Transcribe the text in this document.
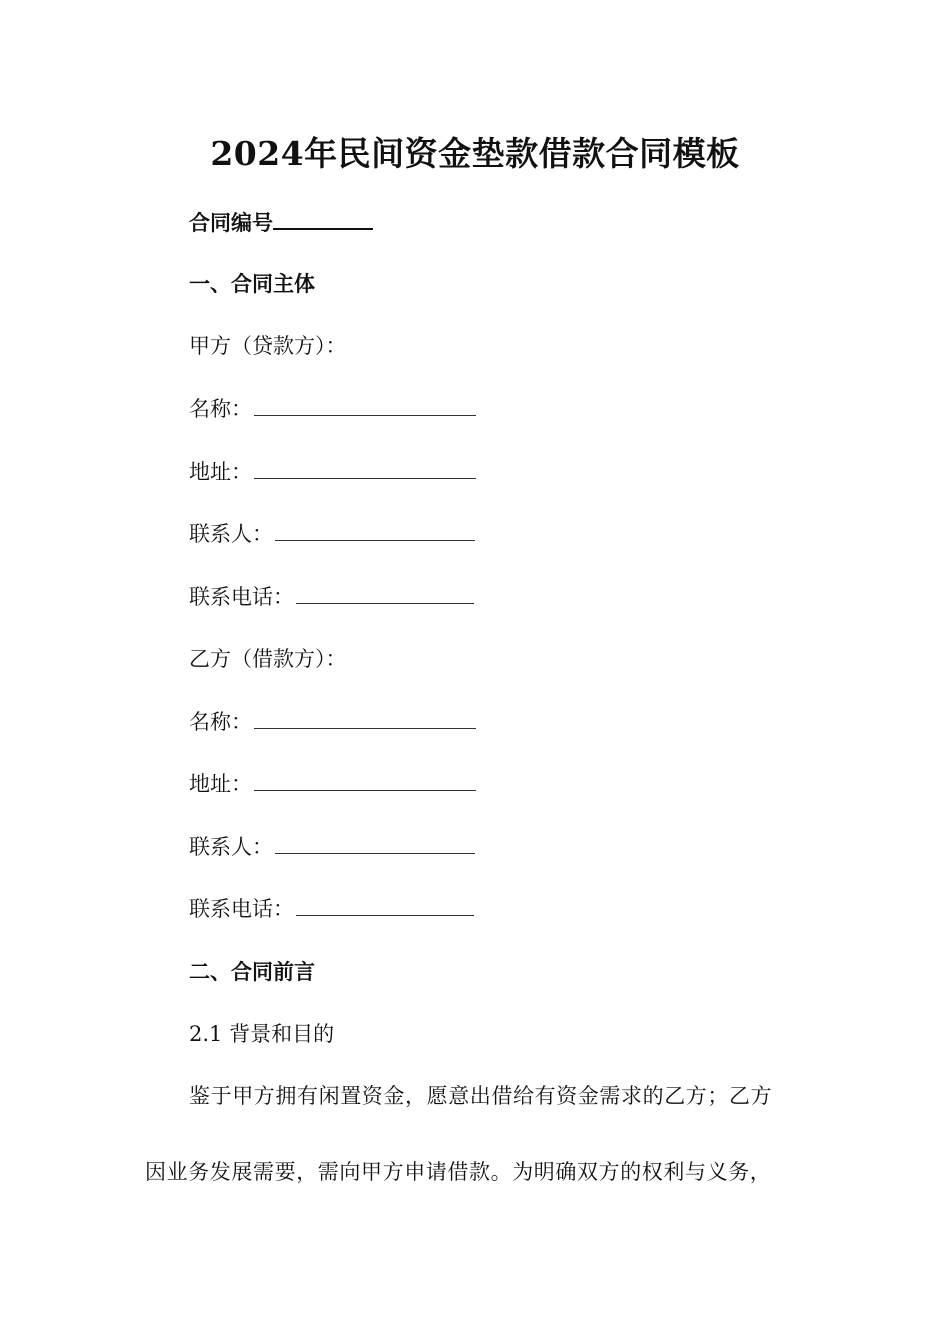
2024年民间资金垫款借款合同模板
合同编号
一、合同主体
甲方（贷款方）：
名称：
地址：
联系人：
联系电话：
乙方（借款方）：
名称：
地址：
联系人：
联系电话：
二、合同前言
2.1 背景和目的
鉴于甲方拥有闲置资金，愿意出借给有资金需求的乙方；乙方
因业务发展需要，需向甲方申请借款。为明确双方的权利与义务，
